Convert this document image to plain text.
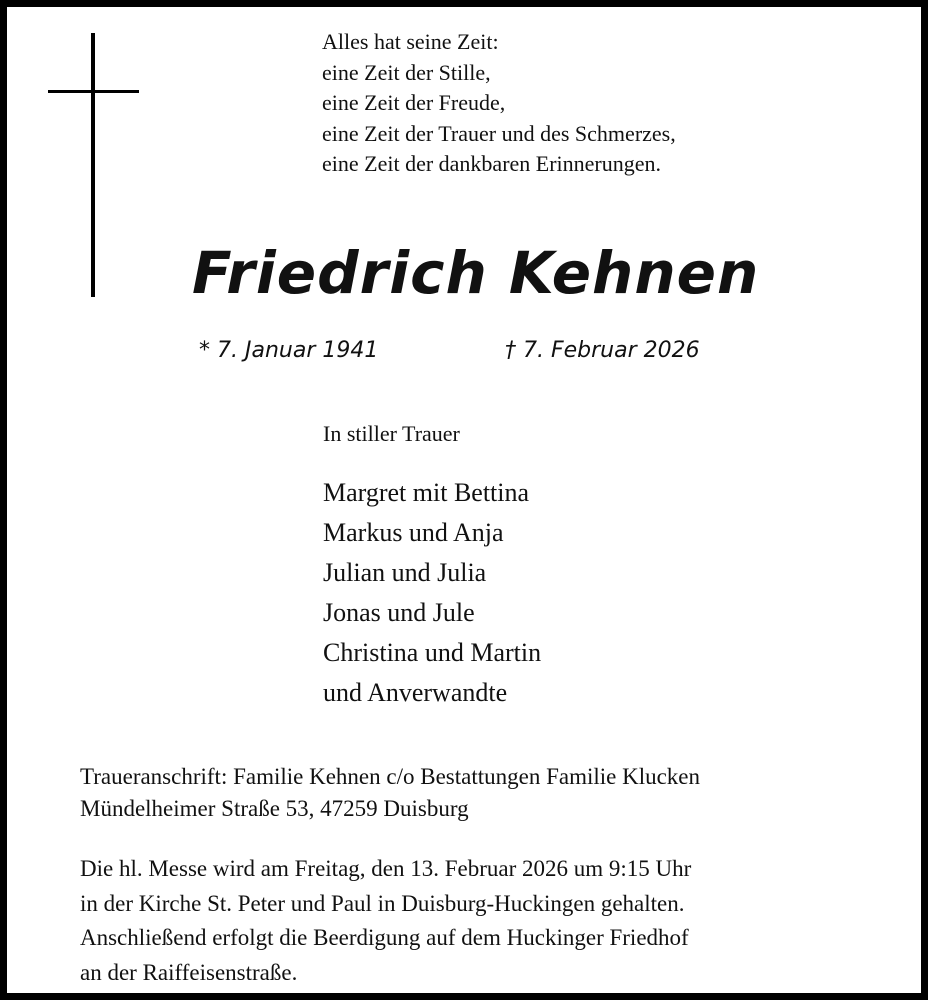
Alles hat seine Zeit:
eine Zeit der Stille,
eine Zeit der Freude,
eine Zeit der Trauer und des Schmerzes,
eine Zeit der dankbaren Erinnerungen.
Friedrich Kehnen
* 7. Januar 1941	† 7. Februar 2026
In stiller Trauer
Margret mit Bettina
Markus und Anja
Julian und Julia
Jonas und Jule
Christina und Martin
und Anverwandte
Traueranschrift: Familie Kehnen c/o Bestattungen Familie Klucken
Mündelheimer Straße 53, 47259 Duisburg
Die hl. Messe wird am Freitag, den 13. Februar 2026 um 9:15 Uhr
in der Kirche St. Peter und Paul in Duisburg-Huckingen gehalten.
Anschließend erfolgt die Beerdigung auf dem Huckinger Friedhof
an der Raiffeisenstraße.
